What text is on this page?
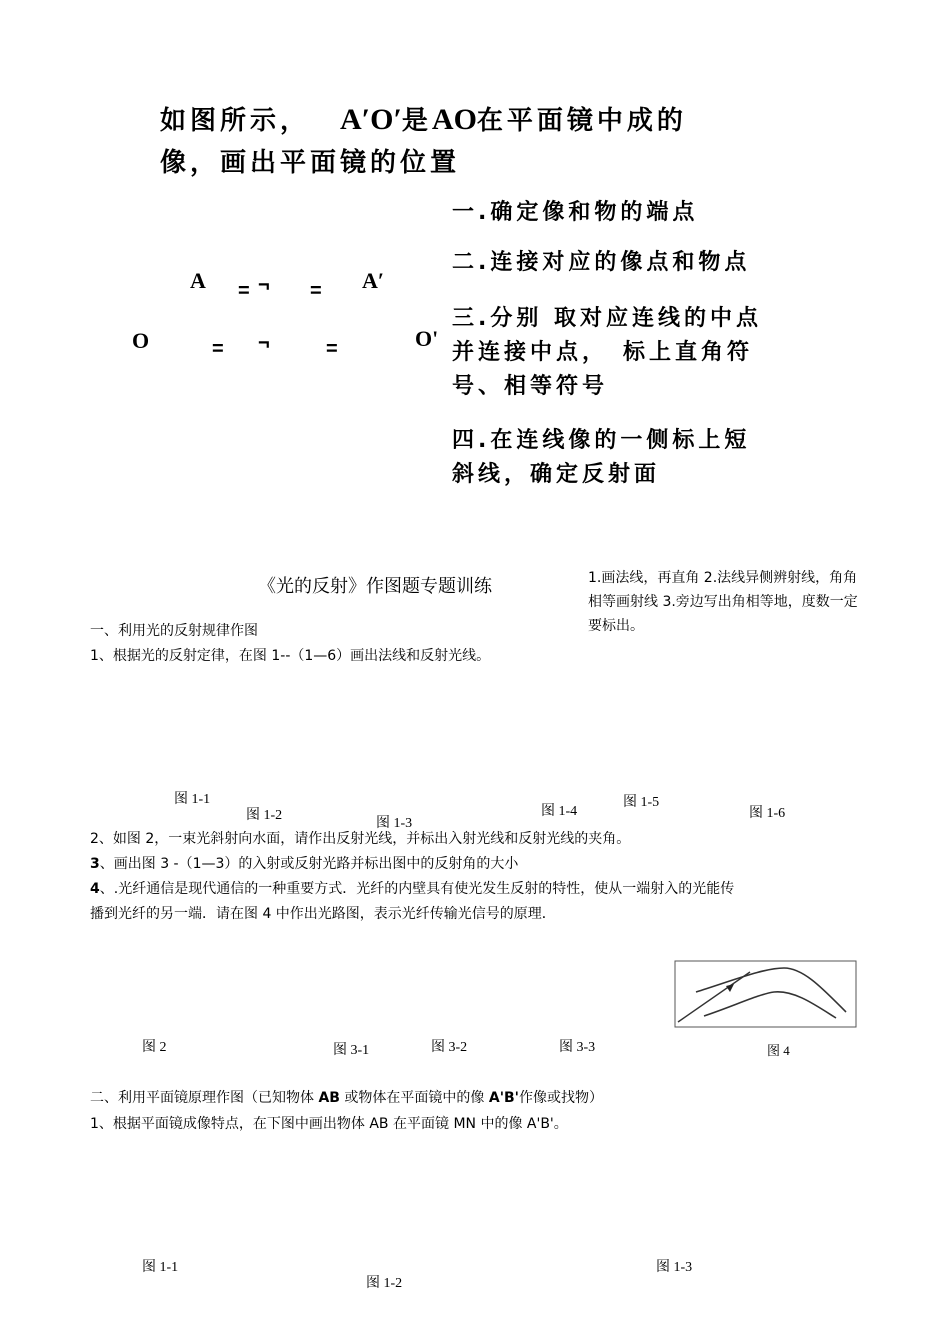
如图所示， A′O′是AO在平面镜中成的
像，画出平面镜的位置
一.确定像和物的端点
二.连接对应的像点和物点
三.分别 取对应连线的中点并连接中点，　标上直角符号、相等符号
四.在连线像的一侧标上短斜线，确定反射面
A	A′
O	O'
= ¬ =
= ¬	=
《光的反射》作图题专题训练	1.画法线，再直角 2.法线异侧辨射线，角角相等画射线 3.旁边写出角相等地，度数一定要标出。
一、利用光的反射规律作图
1、根据光的反射定律，在图 1--（1—6）画出法线和反射光线。
图 1-1
图 1-2
图 1-3
图 1-4
图 1-5
图 1-6
2、如图 2，一束光斜射向水面，请作出反射光线，并标出入射光线和反射光线的夹角。
3、画出图 3 -（1—3）的入射或反射光路并标出图中的反射角的大小
4、.光纤通信是现代通信的一种重要方式．光纤的内壁具有使光发生反射的特性，使从一端射入的光能传
播到光纤的另一端．请在图 4 中作出光路图，表示光纤传输光信号的原理．
图 2	图 3-1	图 3-2	图 3-3	图 4
二、利用平面镜原理作图（已知物体 AB 或物体在平面镜中的像 A'B'作像或找物）
1、根据平面镜成像特点，在下图中画出物体 AB 在平面镜 MN 中的像 A'B'。
图 1-1
图 1-2
图 1-3
